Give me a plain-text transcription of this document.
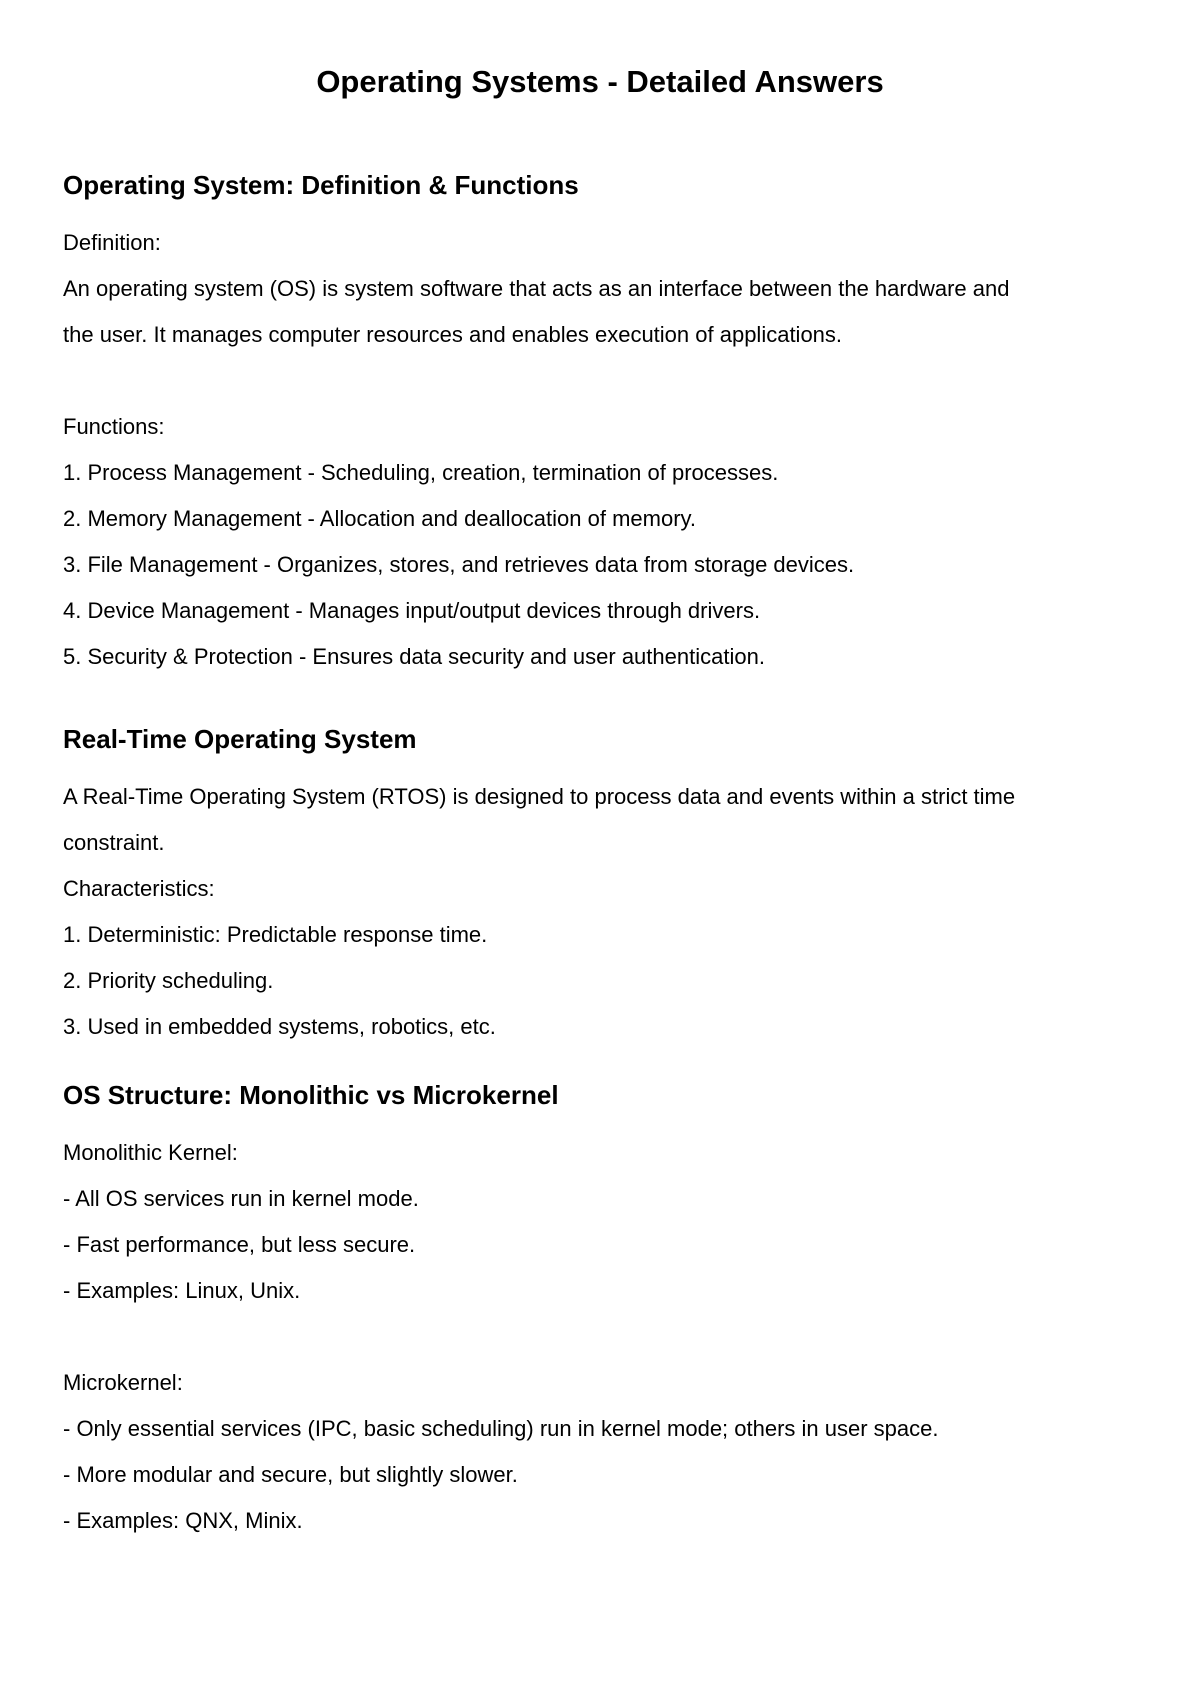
Operating Systems - Detailed Answers
Operating System: Definition & Functions
Definition:
An operating system (OS) is system software that acts as an interface between the hardware and
the user. It manages computer resources and enables execution of applications.
Functions:
1. Process Management - Scheduling, creation, termination of processes.
2. Memory Management - Allocation and deallocation of memory.
3. File Management - Organizes, stores, and retrieves data from storage devices.
4. Device Management - Manages input/output devices through drivers.
5. Security & Protection - Ensures data security and user authentication.
Real-Time Operating System
A Real-Time Operating System (RTOS) is designed to process data and events within a strict time
constraint.
Characteristics:
1. Deterministic: Predictable response time.
2. Priority scheduling.
3. Used in embedded systems, robotics, etc.
OS Structure: Monolithic vs Microkernel
Monolithic Kernel:
- All OS services run in kernel mode.
- Fast performance, but less secure.
- Examples: Linux, Unix.
Microkernel:
- Only essential services (IPC, basic scheduling) run in kernel mode; others in user space.
- More modular and secure, but slightly slower.
- Examples: QNX, Minix.
